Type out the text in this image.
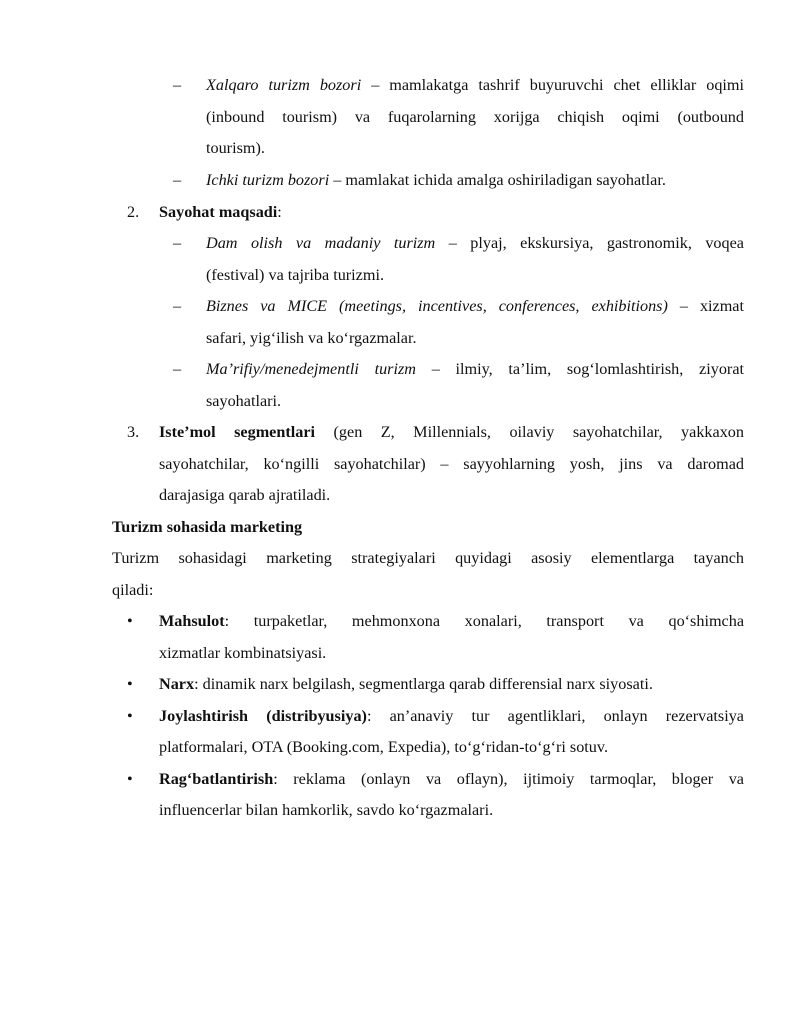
– Xalqaro turizm bozori – mamlakatga tashrif buyuruvchi chet elliklar oqimi
(inbound tourism) va fuqarolarning xorijga chiqish oqimi (outbound
tourism).
– Ichki turizm bozori – mamlakat ichida amalga oshiriladigan sayohatlar.
2. Sayohat maqsadi:
– Dam olish va madaniy turizm – plyaj, ekskursiya, gastronomik, voqea
(festival) va tajriba turizmi.
– Biznes va MICE (meetings, incentives, conferences, exhibitions) – xizmat
safari, yig‘ilish va ko‘rgazmalar.
– Ma’rifiy/menedejmentli turizm – ilmiy, ta’lim, sog‘lomlashtirish, ziyorat
sayohatlari.
3. Iste’mol segmentlari (gen Z, Millennials, oilaviy sayohatchilar, yakkaxon
sayohatchilar, ko‘ngilli sayohatchilar) – sayyohlarning yosh, jins va daromad
darajasiga qarab ajratiladi.
Turizm sohasida marketing
Turizm sohasidagi marketing strategiyalari quyidagi asosiy elementlarga tayanch
qiladi:
• Mahsulot: turpaketlar, mehmonxona xonalari, transport va qo‘shimcha
xizmatlar kombinatsiyasi.
• Narx: dinamik narx belgilash, segmentlarga qarab differensial narx siyosati.
• Joylashtirish (distribyusiya): an’anaviy tur agentliklari, onlayn rezervatsiya
platformalari, OTA (Booking.com, Expedia), to‘g‘ridan-to‘g‘ri sotuv.
• Rag‘batlantirish: reklama (onlayn va oflayn), ijtimoiy tarmoqlar, bloger va
influencerlar bilan hamkorlik, savdo ko‘rgazmalari.
